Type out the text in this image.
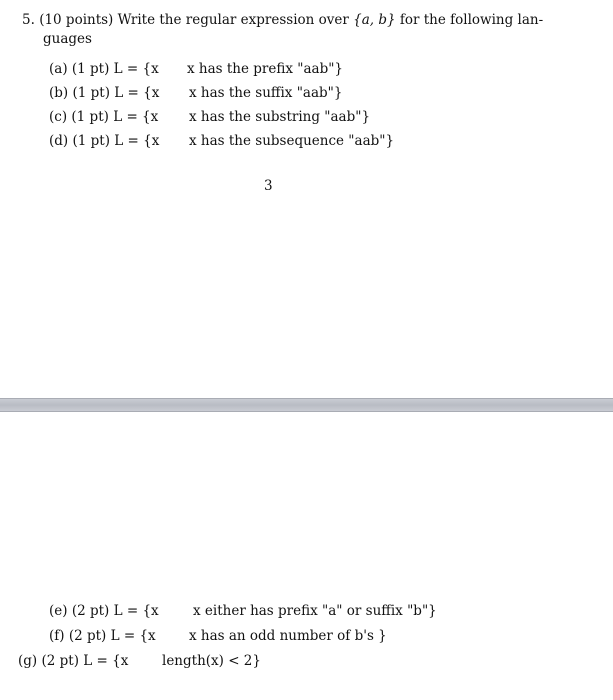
5. (10 points) Write the regular expression over {a, b} for the following lan-
guages
(a) (1 pt) L = {x x has the prefix "aab"}
(b) (1 pt) L = {x x has the suffix "aab"}
(c) (1 pt) L = {x x has the substring "aab"}
(d) (1 pt) L = {x x has the subsequence "aab"}
3
(e) (2 pt) L = {x	x either has prefix "a" or suffix "b"}
(f) (2 pt) L = {x x has an odd number of b's }
(g) (2 pt) L = {x length(x) < 2}
